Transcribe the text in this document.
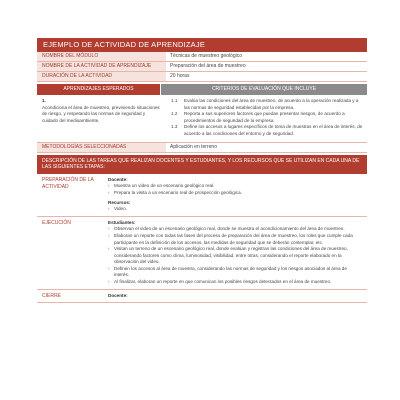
EJEMPLO DE ACTIVIDAD DE APRENDIZAJE
NOMBRE DEL MÓDULO	Técnicas de muestreo geológico
NOMBRE DE LA ACTIVIDAD DE APRENDIZAJE	Preparación del área de muestreo
DURACIÓN DE LA ACTIVIDAD	20 horas
APRENDIZAJES ESPERADOS	CRITERIOS DE EVALUACIÓN QUE INCLUYE
1.
Acondiciona el área de muestreo, previniendo situaciones de riesgo, y respetando las normas de seguridad y cuidado del medioambiente.
1.1	Evalúa las condiciones del área de muestreo, de acuerdo a la operación realizada y a las normas de seguridad establecidas por la empresa.
1.2	Reporta a sus superiores factores que puedan presentar riesgos, de acuerdo a procedimientos de seguridad de la empresa.
1.3	Define los accesos a lugares específicos de toma de muestras en el área de interés, de acuerdo a las condiciones del entorno y de seguridad.
METODOLOGÍAS SELECCIONADAS	Aplicación en terreno
DESCRIPCIÓN DE LAS TAREAS QUE REALIZAN DOCENTES Y ESTUDIANTES, Y LOS RECURSOS QUE SE UTILIZAN EN CADA UNA DE LAS SIGUIENTES ETAPAS:
PREPARACIÓN DE LA ACTIVIDAD
Docente:
› Muestra un video de un escenario geológico real.
› Prepara la visita a un escenario real de prospección geológica.
Recursos:
› Video.
EJECUCIÓN	Estudiantes:
› Observan el video de un escenario geológico real, donde se muestra el acondicionamiento del área de muestreo.
› Elaboran un reporte con todas las fases del proceso de preparación del área de muestreo, los roles que cumple cada participante en la definición de los accesos, las medidas de seguridad que se deberán contemplar, etc.
› Visitan un terreno de un escenario geológico real, donde evalúan y registran las condiciones del área de muestreo, considerando factores como clima, luminosidad, visibilidad, entre otras, considerando el reporte elaborado en la observación del video.
› Definen los accesos al área de muestra, considerando las normas de seguridad y los riesgos asociados al área de interés.
› Al finalizar, elaboran un reporte en que comunican los posibles riesgos detectados en el área de muestreo.
CIERRE	Docente:
